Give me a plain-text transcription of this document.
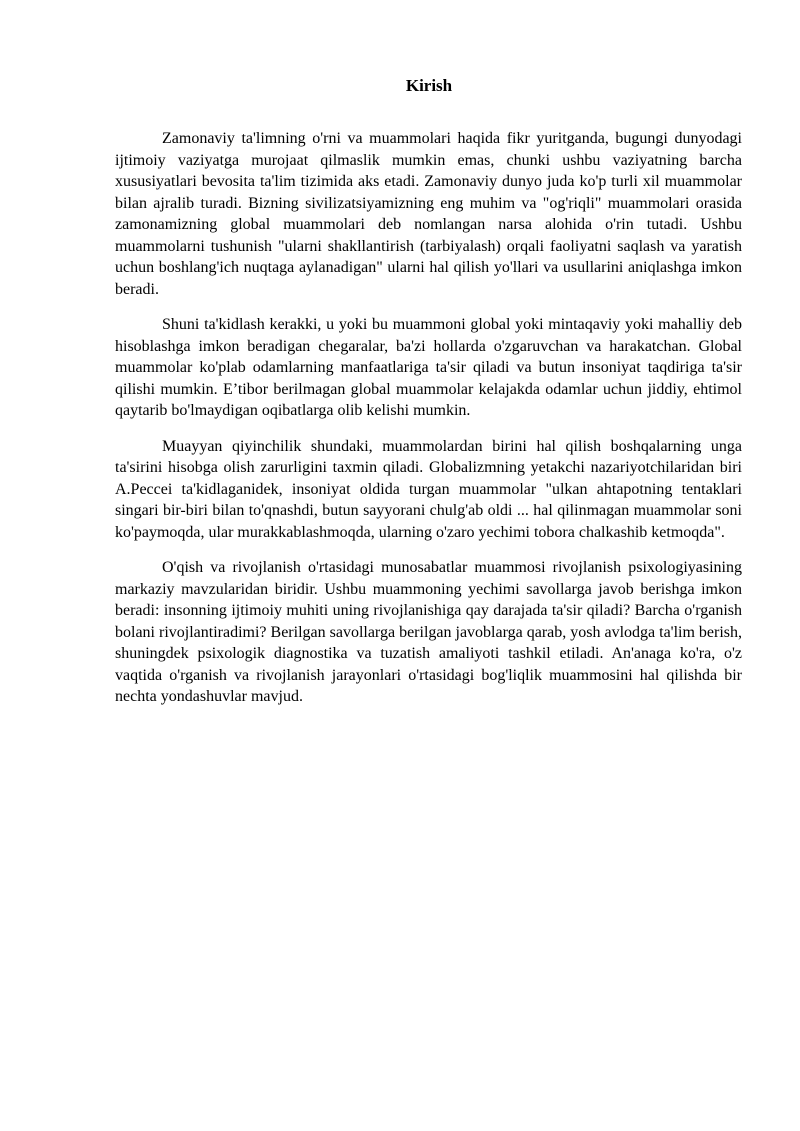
Kirish

Zamonaviy ta'limning o'rni va muammolari haqida fikr yuritganda, bugungi dunyodagi ijtimoiy vaziyatga murojaat qilmaslik mumkin emas, chunki ushbu vaziyatning barcha xususiyatlari bevosita ta'lim tizimida aks etadi. Zamonaviy dunyo juda ko'p turli xil muammolar bilan ajralib turadi. Bizning sivilizatsiyamizning eng muhim va "og'riqli" muammolari orasida zamonamizning global muammolari deb nomlangan narsa alohida o'rin tutadi. Ushbu muammolarni tushunish "ularni shakllantirish (tarbiyalash) orqali faoliyatni saqlash va yaratish uchun boshlang'ich nuqtaga aylanadigan" ularni hal qilish yo'llari va usullarini aniqlashga imkon beradi.

Shuni ta'kidlash kerakki, u yoki bu muammoni global yoki mintaqaviy yoki mahalliy deb hisoblashga imkon beradigan chegaralar, ba'zi hollarda o'zgaruvchan va harakatchan. Global muammolar ko'plab odamlarning manfaatlariga ta'sir qiladi va butun insoniyat taqdiriga ta'sir qilishi mumkin. E’tibor berilmagan global muammolar kelajakda odamlar uchun jiddiy, ehtimol qaytarib bo'lmaydigan oqibatlarga olib kelishi mumkin.

Muayyan qiyinchilik shundaki, muammolardan birini hal qilish boshqalarning unga ta'sirini hisobga olish zarurligini taxmin qiladi. Globalizmning yetakchi nazariyotchilaridan biri A.Peccei ta'kidlaganidek, insoniyat oldida turgan muammolar "ulkan ahtapotning tentaklari singari bir-biri bilan to'qnashdi, butun sayyorani chulg'ab oldi ... hal qilinmagan muammolar soni ko'paymoqda, ular murakkablashmoqda, ularning o'zaro yechimi tobora chalkashib ketmoqda".

O'qish va rivojlanish o'rtasidagi munosabatlar muammosi rivojlanish psixologiyasining markaziy mavzularidan biridir. Ushbu muammoning yechimi savollarga javob berishga imkon beradi: insonning ijtimoiy muhiti uning rivojlanishiga qay darajada ta'sir qiladi? Barcha o'rganish bolani rivojlantiradimi? Berilgan savollarga berilgan javoblarga qarab, yosh avlodga ta'lim berish, shuningdek psixologik diagnostika va tuzatish amaliyoti tashkil etiladi. An'anaga ko'ra, o'z vaqtida o'rganish va rivojlanish jarayonlari o'rtasidagi bog'liqlik muammosini hal qilishda bir nechta yondashuvlar mavjud.
